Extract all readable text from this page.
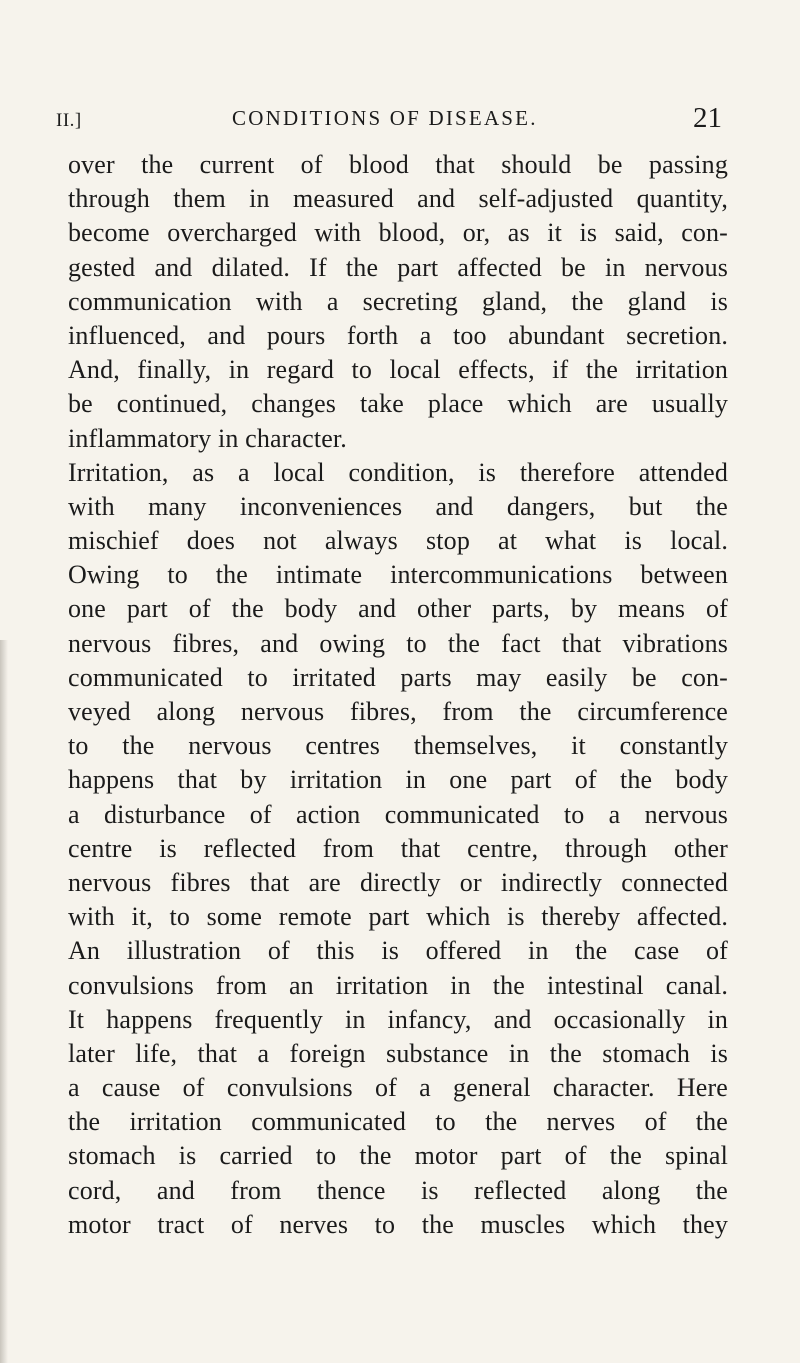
II.]	CONDITIONS OF DISEASE.	21
over the current of blood that should be passing
through them in measured and self-adjusted quantity,
become overcharged with blood, or, as it is said, con-
gested and dilated. If the part affected be in nervous
communication with a secreting gland, the gland is
influenced, and pours forth a too abundant secretion.
And, finally, in regard to local effects, if the irritation
be continued, changes take place which are usually
inflammatory in character.
Irritation, as a local condition, is therefore attended
with many inconveniences and dangers, but the
mischief does not always stop at what is local.
Owing to the intimate intercommunications between
one part of the body and other parts, by means of
nervous fibres, and owing to the fact that vibrations
communicated to irritated parts may easily be con-
veyed along nervous fibres, from the circumference
to the nervous centres themselves, it constantly
happens that by irritation in one part of the body
a disturbance of action communicated to a nervous
centre is reflected from that centre, through other
nervous fibres that are directly or indirectly connected
with it, to some remote part which is thereby affected.
An illustration of this is offered in the case of
convulsions from an irritation in the intestinal canal.
It happens frequently in infancy, and occasionally in
later life, that a foreign substance in the stomach is
a cause of convulsions of a general character. Here
the irritation communicated to the nerves of the
stomach is carried to the motor part of the spinal
cord, and from thence is reflected along the
motor tract of nerves to the muscles which they
